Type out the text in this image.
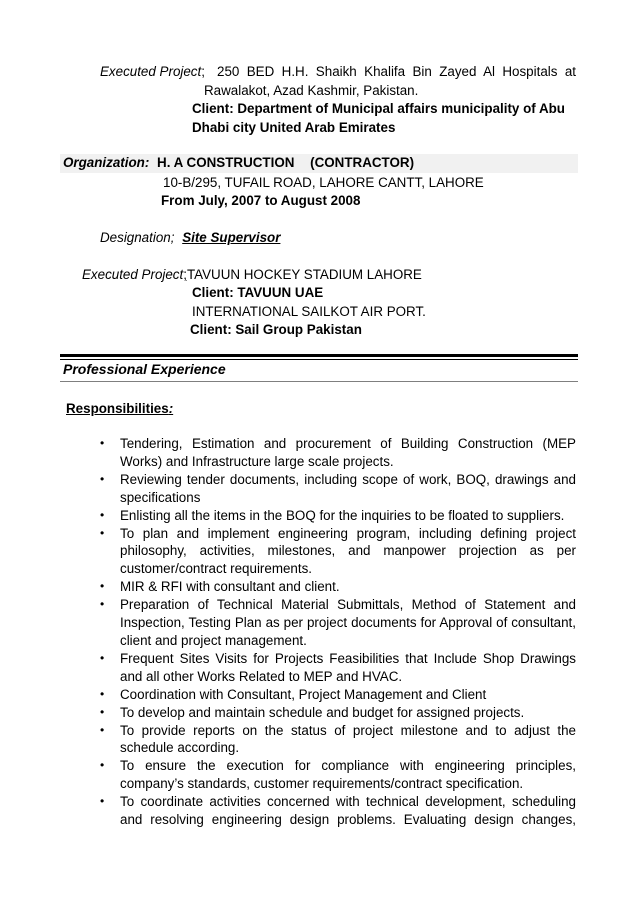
Executed Project; 250 BED H.H. Shaikh Khalifa Bin Zayed Al Hospitals at
Rawalakot, Azad Kashmir, Pakistan.
Client: Department of Municipal affairs municipality of Abu
Dhabi city United Arab Emirates
Organization: H. A CONSTRUCTION (CONTRACTOR)
10-B/295, TUFAIL ROAD, LAHORE CANTT, LAHORE
From July, 2007 to August 2008
Designation; Site Supervisor
Executed Project;TAVUUN HOCKEY STADIUM LAHORE
Client: TAVUUN UAE
INTERNATIONAL SAILKOT AIR PORT.
Client: Sail Group Pakistan
Professional Experience
Responsibilities:
• Tendering, Estimation and procurement of Building Construction (MEP Works) and Infrastructure large scale projects.
• Reviewing tender documents, including scope of work, BOQ, drawings and specifications
• Enlisting all the items in the BOQ for the inquiries to be floated to suppliers.
• To plan and implement engineering program, including defining project philosophy, activities, milestones, and manpower projection as per customer/contract requirements.
• MIR & RFI with consultant and client.
• Preparation of Technical Material Submittals, Method of Statement and Inspection, Testing Plan as per project documents for Approval of consultant, client and project management.
• Frequent Sites Visits for Projects Feasibilities that Include Shop Drawings and all other Works Related to MEP and HVAC.
• Coordination with Consultant, Project Management and Client
• To develop and maintain schedule and budget for assigned projects.
• To provide reports on the status of project milestone and to adjust the schedule according.
• To ensure the execution for compliance with engineering principles, company’s standards, customer requirements/contract specification.
• To coordinate activities concerned with technical development, scheduling and resolving engineering design problems. Evaluating design changes,
